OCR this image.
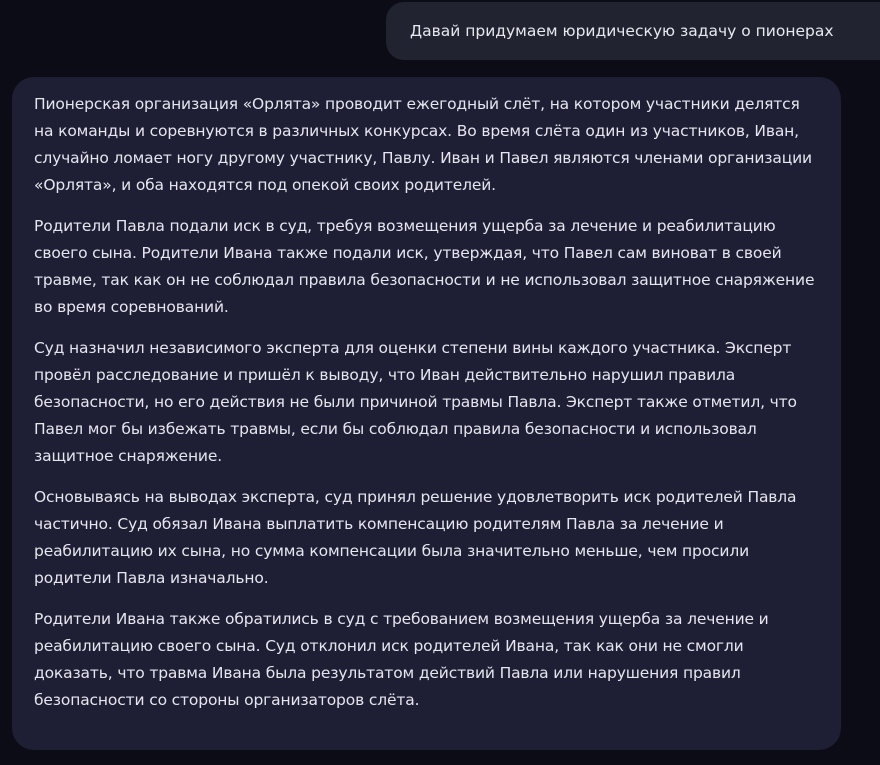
Давай придумаем юридическую задачу о пионерах

Пионерская организация «Орлята» проводит ежегодный слёт, на котором участники делятся на команды и соревнуются в различных конкурсах. Во время слёта один из участников, Иван, случайно ломает ногу другому участнику, Павлу. Иван и Павел являются членами организации «Орлята», и оба находятся под опекой своих родителей.

Родители Павла подали иск в суд, требуя возмещения ущерба за лечение и реабилитацию своего сына. Родители Ивана также подали иск, утверждая, что Павел сам виноват в своей травме, так как он не соблюдал правила безопасности и не использовал защитное снаряжение во время соревнований.

Суд назначил независимого эксперта для оценки степени вины каждого участника. Эксперт провёл расследование и пришёл к выводу, что Иван действительно нарушил правила безопасности, но его действия не были причиной травмы Павла. Эксперт также отметил, что Павел мог бы избежать травмы, если бы соблюдал правила безопасности и использовал защитное снаряжение.

Основываясь на выводах эксперта, суд принял решение удовлетворить иск родителей Павла частично. Суд обязал Ивана выплатить компенсацию родителям Павла за лечение и реабилитацию их сына, но сумма компенсации была значительно меньше, чем просили родители Павла изначально.

Родители Ивана также обратились в суд с требованием возмещения ущерба за лечение и реабилитацию своего сына. Суд отклонил иск родителей Ивана, так как они не смогли доказать, что травма Ивана была результатом действий Павла или нарушения правил безопасности со стороны организаторов слёта.
